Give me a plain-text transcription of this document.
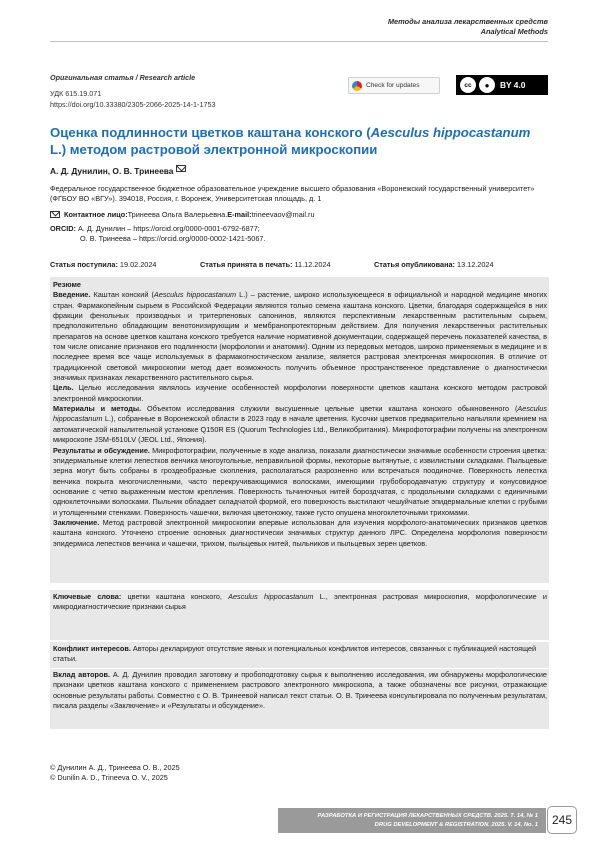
Методы анализа лекарственных средств
Analytical Methods
Оригинальная статья / Research article
УДК 615.19.071
https://doi.org/10.33380/2305-2066-2025-14-1-1753
Check for updates	cc	●	BY 4.0
Оценка подлинности цветков каштана конского (Aesculus hippocastanum L.) методом растровой электронной микроскопии
А. Д. Дунилин, О. В. Тринеева
Федеральное государственное бюджетное образовательное учреждение высшего образования «Воронежский государственный университет» (ФГБОУ ВО «ВГУ»). 394018, Россия, г. Воронеж, Университетская площадь, д. 1
Контактное лицо: Тринеева Ольга Валерьевна. E-mail: trineevaov@mail.ru
ORCID: А. Д. Дунилин – https://orcid.org/0000-0001-6792-6877;
О. В. Тринеева – https://orcid.org/0000-0002-1421-5067.
Статья поступила: 19.02.2024	Статья принята в печать: 11.12.2024	Статья опубликована: 13.12.2024

Резюме

Введение. Каштан конский (Aesculus hippocastanum L.) – растение, широко используюещееся в официальной и народной медицине многих стран. Фармакопейным сырьем в Российской Федерации являются только семена каштана конского. Цветки, благодаря содержащейся в них фракции фенольных производных и тритерпеновых сапонинов, являются перспективным лекарственным растительным сырьем, предположительно обладающим венотонизирующим и мембранопротекторным действием. Для получения лекарственных растительных препаратов на основе цветков каштана конского требуется наличие нормативной документации, содержащей перечень показателей качества, в том числе описание признаков его подлинности (морфологии и анатомии). Одним из передовых методов, широко применяемых в медицине и в последнее время все чаще используемых в фармакогностическом анализе, является растровая электронная микроскопия. В отличие от традиционной световой микроскопии метод дает возможность получить объемное пространственное представление о диагностически значимых признаках лекарственного растительного сырья.

Цель. Целью исследования являлось изучение особенностей морфологии поверхности цветков каштана конского методом растровой электронной микроскопии.

Материалы и методы. Объектом исследования служили высушенные цельные цветки каштана конского обыкновенного (Aesculus hippocastanum L.), собранные в Воронежской области в 2023 году в начале цветения. Кусочки цветков предварительно напыляли кремнием на автоматической напылительной установке Q150R ES (Quorum Technologies Ltd., Великобритания). Микрофотографии получены на электронном микроскопе JSM-6510LV (JEOL Ltd., Япония).

Результаты и обсуждение. Микрофотографии, полученные в ходе анализа, показали диагностически значимые особенности строения цветка: эпидермальные клетки лепестков венчика многоугольные, неправильной формы, некоторые вытянутые, с извилистыми складками. Пыльцевые зерна могут быть собраны в гроздеобразные скопления, располагаться разрозненно или встречаться поодиночке. Поверхность лепестка венчика покрыта многочисленными, часто перекручивающимися волосками, имеющими грубобородавчатую структуру и конусовидное основание с четко выраженным местом крепления. Поверхность тычиночных нитей бороздчатая, с продольными складками с единичными одноклеточными волосками. Пыльник обладает складчатой формой, его поверхность выстилают чешуйчатые эпидермальные клетки с грубыми и утолщенными стенками. Поверхность чашечки, включая цветоножку, также густо опушена многоклеточными трихомами.

Заключение. Метод растровой электронной микроскопии впервые использован для изучения морфолого-анатомических признаков цветков каштана конского. Уточнено строение основных диагностически значимых структур данного ЛРС. Определена морфология поверхности эпидермиса лепестков венчика и чашечки, трихом, пыльцевых нитей, пыльников и пыльцевых зерен цветков.

Ключевые слова: цветки каштана конского, Aesculus hippocastanum L., электронная растровая микроскопия, морфологические и микродиагностические признаки сырья
Конфликт интересов. Авторы декларируют отсутствие явных и потенциальных конфликтов интересов, связанных с публикацией настоящей статьи.
Вклад авторов. А. Д. Дунилин проводил заготовку и пробоподготовку сырья к выполнению исследования, им обнаружены морфологические признаки цветков каштана конского с применением растрового электронного микроскопа, а также обозначены все рисунки, отражающие основные результаты работы. Совместно с О. В. Тринеевой написал текст статьи. О. В. Тринеева консультировала по полученным результатам, писала разделы «Заключение» и «Результаты и обсуждение».
© Дунилин А. Д., Тринеева О. В., 2025
© Dunilin A. D., Trineeva O. V., 2025
РАЗРАБОТКА И РЕГИСТРАЦИЯ ЛЕКАРСТВЕННЫХ СРЕДСТВ. 2025. Т. 14, № 1
DRUG DEVELOPMENT & REGISTRATION. 2025. V. 14, No. 1	245
